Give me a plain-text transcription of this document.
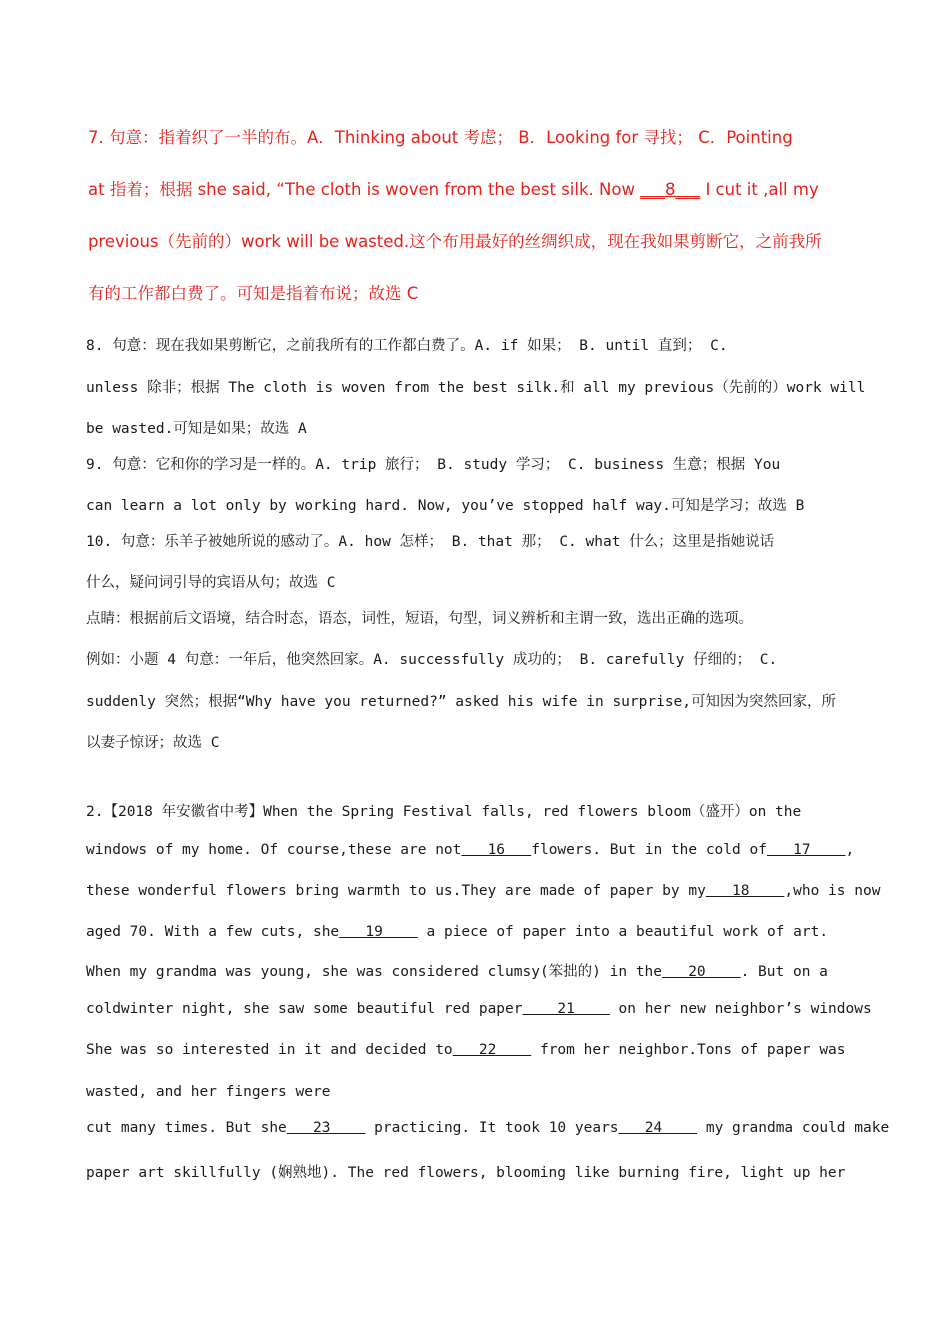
7. 句意：指着织了一半的布。A．Thinking about 考虑； B．Looking for 寻找； C．Pointing
at 指着；根据 she said, “The cloth is woven from the best silk. Now ___8___ I cut it ,all my
previous（先前的）work will be wasted.这个布用最好的丝绸织成，现在我如果剪断它，之前我所
有的工作都白费了。可知是指着布说；故选 C
8. 句意：现在我如果剪断它，之前我所有的工作都白费了。A. if 如果； B. until 直到； C.
unless 除非；根据 The cloth is woven from the best silk.和 all my previous（先前的）work will
be wasted.可知是如果；故选 A
9. 句意：它和你的学习是一样的。A. trip 旅行； B. study 学习； C. business 生意；根据 You
can learn a lot only by working hard. Now, you’ve stopped half way.可知是学习；故选 B
10. 句意：乐羊子被她所说的感动了。A. how 怎样； B. that 那； C. what 什么；这里是指她说话
什么，疑问词引导的宾语从句；故选 C
点睛：根据前后文语境，结合时态，语态，词性，短语，句型，词义辨析和主谓一致，选出正确的选项。
例如：小题 4 句意：一年后，他突然回家。A. successfully 成功的； B. carefully 仔细的； C.
suddenly 突然；根据“Why have you returned?” asked his wife in surprise,可知因为突然回家，所
以妻子惊讶；故选 C
2.【2018 年安徽省中考】When the Spring Festival falls, red flowers bloom（盛开）on the
windows of my home. Of course,these are not   16   flowers. But in the cold of   17    ,
these wonderful flowers bring warmth to us.They are made of paper by my   18    ,who is now
aged 70. With a few cuts, she   19     a piece of paper into a beautiful work of art.
When my grandma was young, she was considered clumsy(笨拙的) in the   20    . But on a
coldwinter night, she saw some beautiful red paper    21     on her new neighbor’s windows
She was so interested in it and decided to   22     from her neighbor.Tons of paper was
wasted, and her fingers were
cut many times. But she   23     practicing. It took 10 years   24     my grandma could make
paper art skillfully (娴熟地). The red flowers, blooming like burning fire, light up her
